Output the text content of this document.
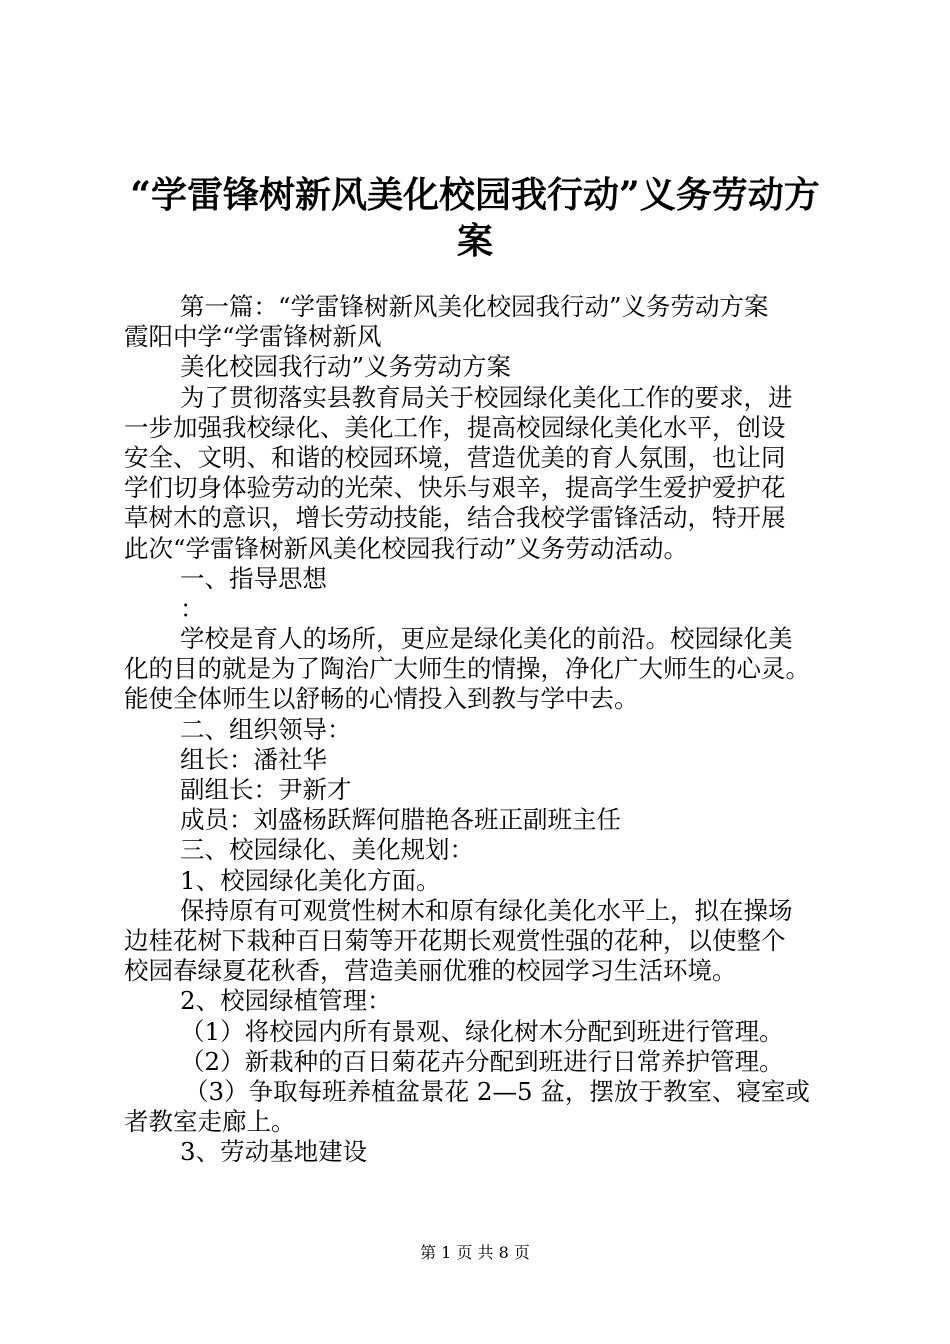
“学雷锋树新风美化校园我行动”义务劳动方
案
第一篇：“学雷锋树新风美化校园我行动”义务劳动方案
霞阳中学“学雷锋树新风
美化校园我行动”义务劳动方案
为了贯彻落实县教育局关于校园绿化美化工作的要求，进
一步加强我校绿化、美化工作，提高校园绿化美化水平，创设
安全、文明、和谐的校园环境，营造优美的育人氛围，也让同
学们切身体验劳动的光荣、快乐与艰辛，提高学生爱护爱护花
草树木的意识，增长劳动技能，结合我校学雷锋活动，特开展
此次“学雷锋树新风美化校园我行动”义务劳动活动。
一、指导思想
：
学校是育人的场所，更应是绿化美化的前沿。校园绿化美
化的目的就是为了陶治广大师生的情操，净化广大师生的心灵。
能使全体师生以舒畅的心情投入到教与学中去。
二、组织领导：
组长：潘社华
副组长：尹新才
成员：刘盛杨跃辉何腊艳各班正副班主任
三、校园绿化、美化规划：
1、校园绿化美化方面。
保持原有可观赏性树木和原有绿化美化水平上，拟在操场
边桂花树下栽种百日菊等开花期长观赏性强的花种，以使整个
校园春绿夏花秋香，营造美丽优雅的校园学习生活环境。
2、校园绿植管理：
（1）将校园内所有景观、绿化树木分配到班进行管理。
（2）新栽种的百日菊花卉分配到班进行日常养护管理。
（3）争取每班养植盆景花 2—5 盆，摆放于教室、寝室或
者教室走廊上。
3、劳动基地建设
第 1 页 共 8 页
